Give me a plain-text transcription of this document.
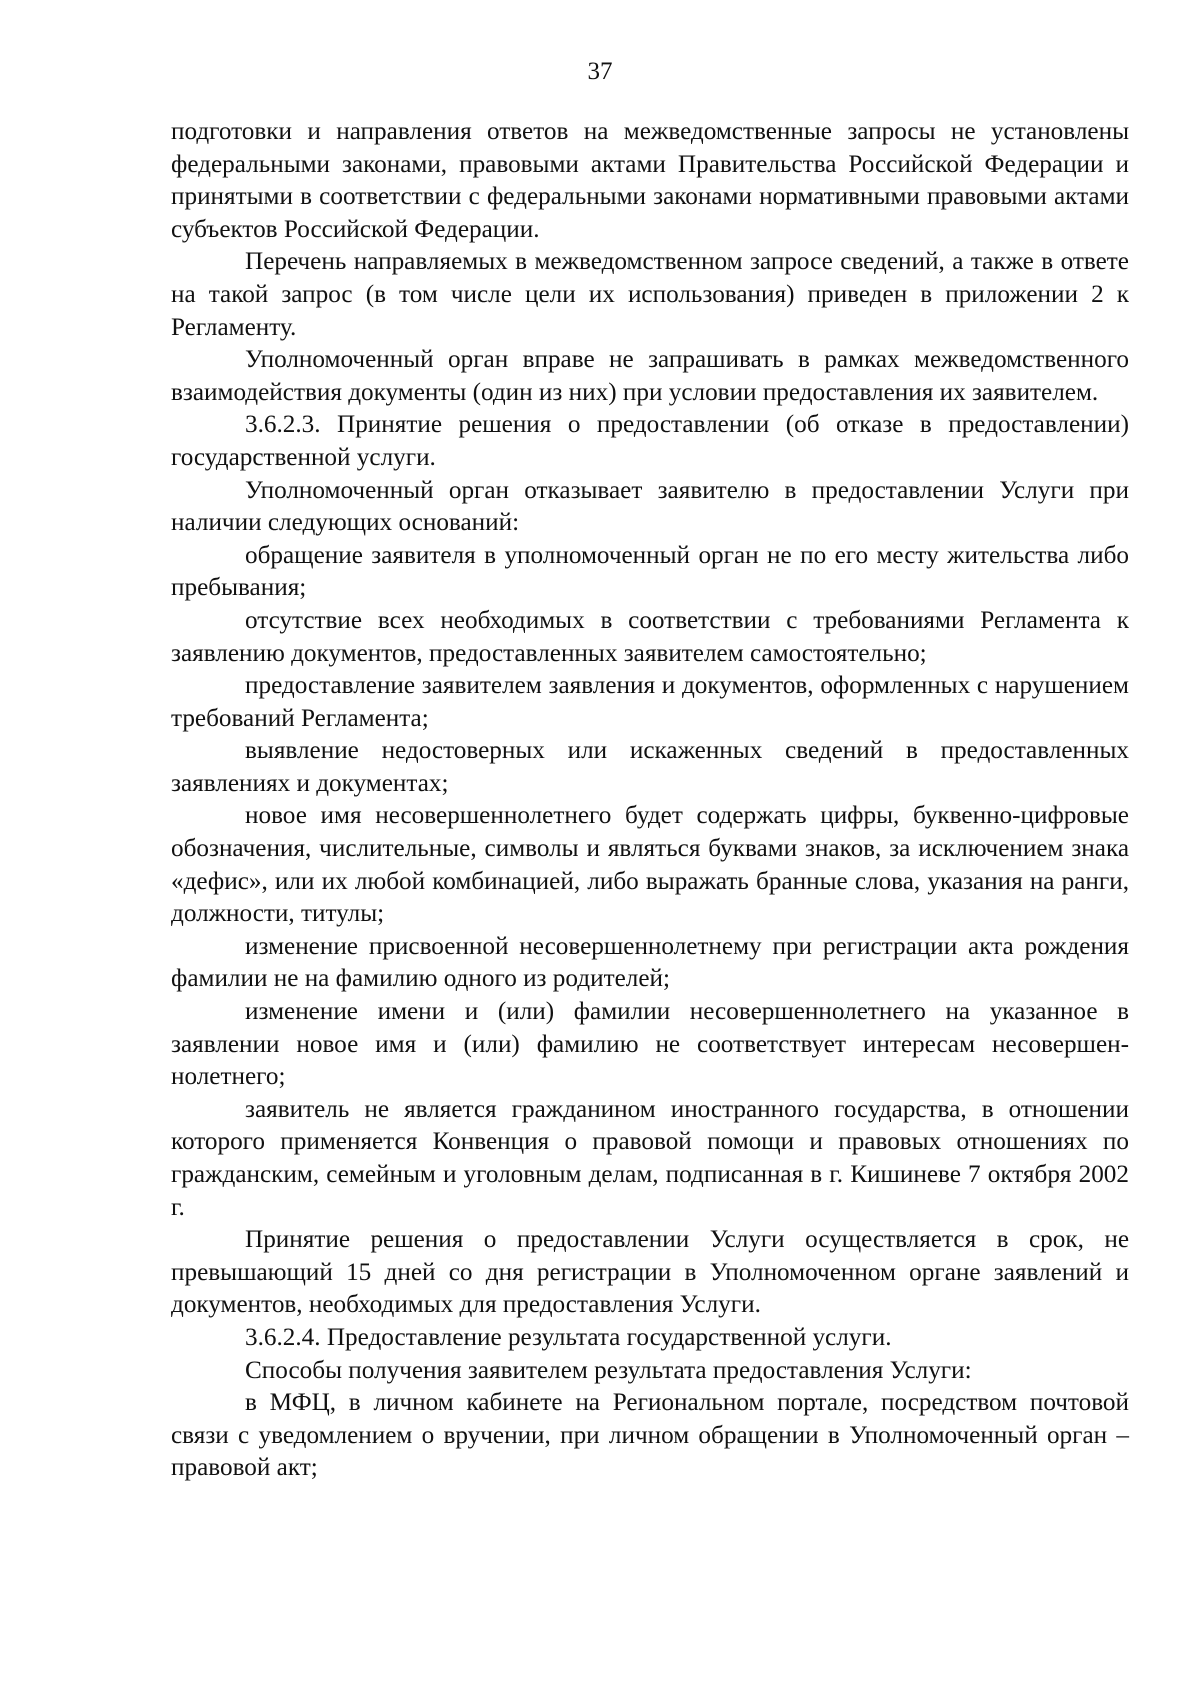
37

подготовки и направления ответов на межведомственные запросы не установлены федеральными законами, правовыми актами Правительства Российской Федерации и принятыми в соответствии с федеральными законами нормативными правовыми актами субъектов Российской Федерации.

Перечень направляемых в межведомственном запросе сведений, а также в ответе на такой запрос (в том числе цели их использования) приведен в приложении 2 к Регламенту.

Уполномоченный орган вправе не запрашивать в рамках межведомственного взаимодействия документы (один из них) при условии предоставления их заявителем.

3.6.2.3. Принятие решения о предоставлении (об отказе в предоставлении) государственной услуги.

Уполномоченный орган отказывает заявителю в предоставлении Услуги при наличии следующих оснований:

обращение заявителя в уполномоченный орган не по его месту жительства либо пребывания;

отсутствие всех необходимых в соответствии с требованиями Регламента к заявлению документов, предоставленных заявителем самостоятельно;

предоставление заявителем заявления и документов, оформленных с нарушением требований Регламента;

выявление недостоверных или искаженных сведений в предоставленных заявлениях и документах;

новое имя несовершеннолетнего будет содержать цифры, буквенно-цифровые обозначения, числительные, символы и являться буквами знаков, за исключением знака «дефис», или их любой комбинацией, либо выражать бранные слова, указания на ранги, должности, титулы;

изменение присвоенной несовершеннолетнему при регистрации акта рождения фамилии не на фамилию одного из родителей;

изменение имени и (или) фамилии несовершеннолетнего на указанное в заявлении новое имя и (или) фамилию не соответствует интересам несовершеннолетнего;

заявитель не является гражданином иностранного государства, в отношении которого применяется Конвенция о правовой помощи и правовых отношениях по гражданским, семейным и уголовным делам, подписанная в г. Кишиневе 7 октября 2002 г.

Принятие решения о предоставлении Услуги осуществляется в срок, не превышающий 15 дней со дня регистрации в Уполномоченном органе заявлений и документов, необходимых для предоставления Услуги.

3.6.2.4. Предоставление результата государственной услуги.

Способы получения заявителем результата предоставления Услуги:

в МФЦ, в личном кабинете на Региональном портале, посредством почтовой связи с уведомлением о вручении, при личном обращении в Уполномоченный орган – правовой акт;
